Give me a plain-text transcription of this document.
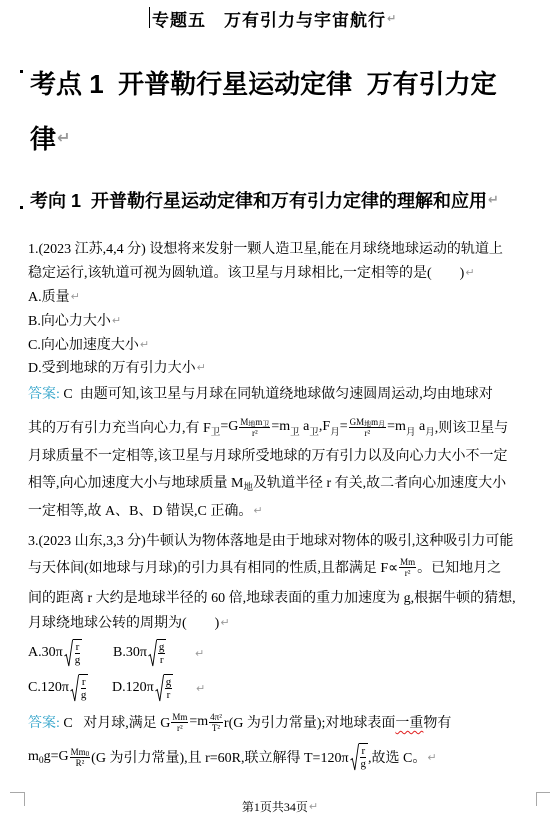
专题五　万有引力与宇宙航行 ↵
考点 1  开普勒行星运动定律  万有引力定
律 ↵
考向 1  开普勒行星运动定律和万有引力定律的理解和应用 ↵
1.(2023 江苏,4,4 分) 设想将来发射一颗人造卫星,能在月球绕地球运动的轨道上
稳定运行,该轨道可视为圆轨道。该卫星与月球相比,一定相等的是(　　) ↵
A.质量 ↵
B.向心力大小 ↵
C.向心加速度大小 ↵
D.受到地球的万有引力大小 ↵
答案: C  由题可知,该卫星与月球在同轨道绕地球做匀速圆周运动,均由地球对
其的万有引力充当向心力,有 F 卫 $=G \frac{\text{M 地 m 卫}}{\text{r²}} =m$ 卫 a 卫 ,F 月 = $\frac{\text{GM 地 m 月}}{\text{r²}} =m$ 月 a 月 ,则该卫星与
月球质量不一定相等,该卫星与月球所受地球的万有引力以及向心力大小不一定
相等,向心加速度大小与地球质量 M 地 及轨道半径 r 有关,故二者向心加速度大小
一定相等,故 A、B、D 错误,C 正确。 ↵
3.(2023 山东,3,3 分)牛顿认为物体落地是由于地球对物体的吸引,这种吸引力可能
与天体间(如地球与月球)的引力具有相同的性质,且都满足 $F\propto \frac{Mm}{\text{r²}}$ 。已知地月之
间的距离 r 大约是地球半径的 60 倍,地球表面的重力加速度为 g,根据牛顿的猜想,
月球绕地球公转的周期为(　　) ↵
$A.30\pi \frac{r}{g} B.30\pi \frac{g}{r}$	↵
$C.120\pi \frac{r}{g} D.120\pi \frac{g}{r}$ ↵
答案: C   对月球,满足 G $\frac{Mm}{\text{r²}} =m \frac{\text{4π²}}{\text{T²}} r(G$ 为引力常量);对地球表面 一重 物有
m 0 $g=G \frac{Mm 0}{\text{R²}} (G$ 为引力常量),且 r=60R,联立解得 $T=120\pi \frac{r}{g}$ ,故选 C。 ↵
第1页共34页 ↵
